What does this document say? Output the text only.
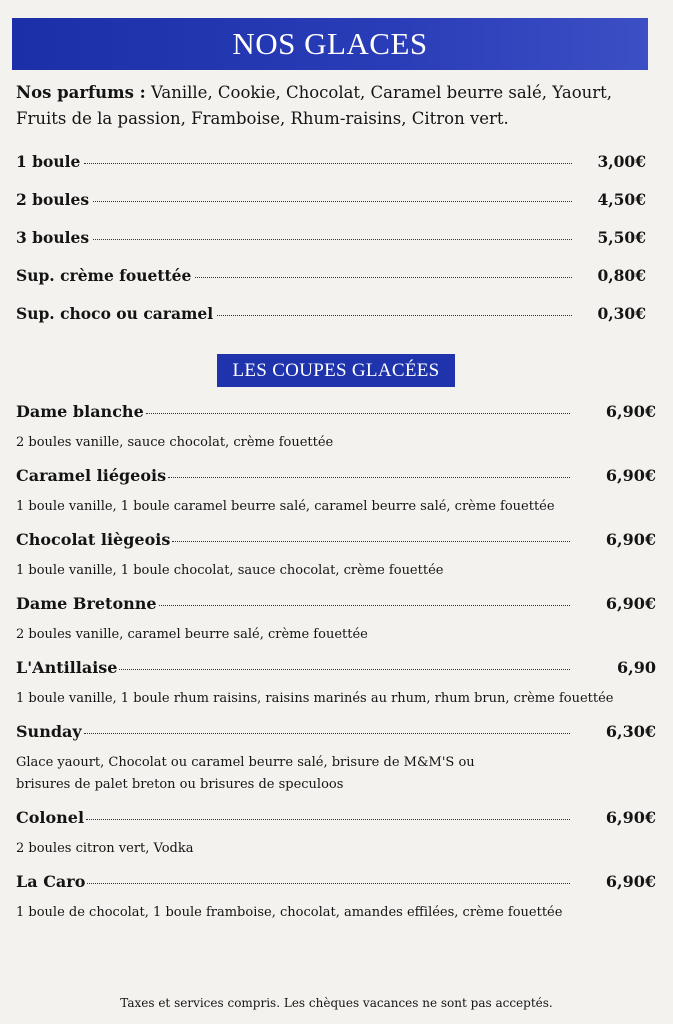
NOS GLACES
Nos parfums : Vanille, Cookie, Chocolat, Caramel beurre salé, Yaourt, Fruits de la passion, Framboise, Rhum-raisins, Citron vert.
1 boule	3,00€
2 boules	4,50€
3 boules	5,50€
Sup. crème fouettée	0,80€
Sup. choco ou caramel	0,30€
LES COUPES GLACÉES
Dame blanche	6,90€
2 boules vanille, sauce chocolat, crème fouettée
Caramel liégeois	6,90€
1 boule vanille, 1 boule caramel beurre salé, caramel beurre salé, crème fouettée
Chocolat liègeois	6,90€
1 boule vanille, 1 boule chocolat, sauce chocolat, crème fouettée
Dame Bretonne	6,90€
2 boules vanille, caramel beurre salé, crème fouettée
L'Antillaise	6,90
1 boule vanille, 1 boule rhum raisins, raisins marinés au rhum, rhum brun, crème fouettée
Sunday	6,30€
Glace yaourt, Chocolat ou caramel beurre salé, brisure de M&M'S ou brisures de palet breton ou brisures de speculoos
Colonel	6,90€
2 boules citron vert, Vodka
La Caro	6,90€
1 boule de chocolat, 1 boule framboise, chocolat, amandes effilées, crème fouettée
Taxes et services compris. Les chèques vacances ne sont pas acceptés.
